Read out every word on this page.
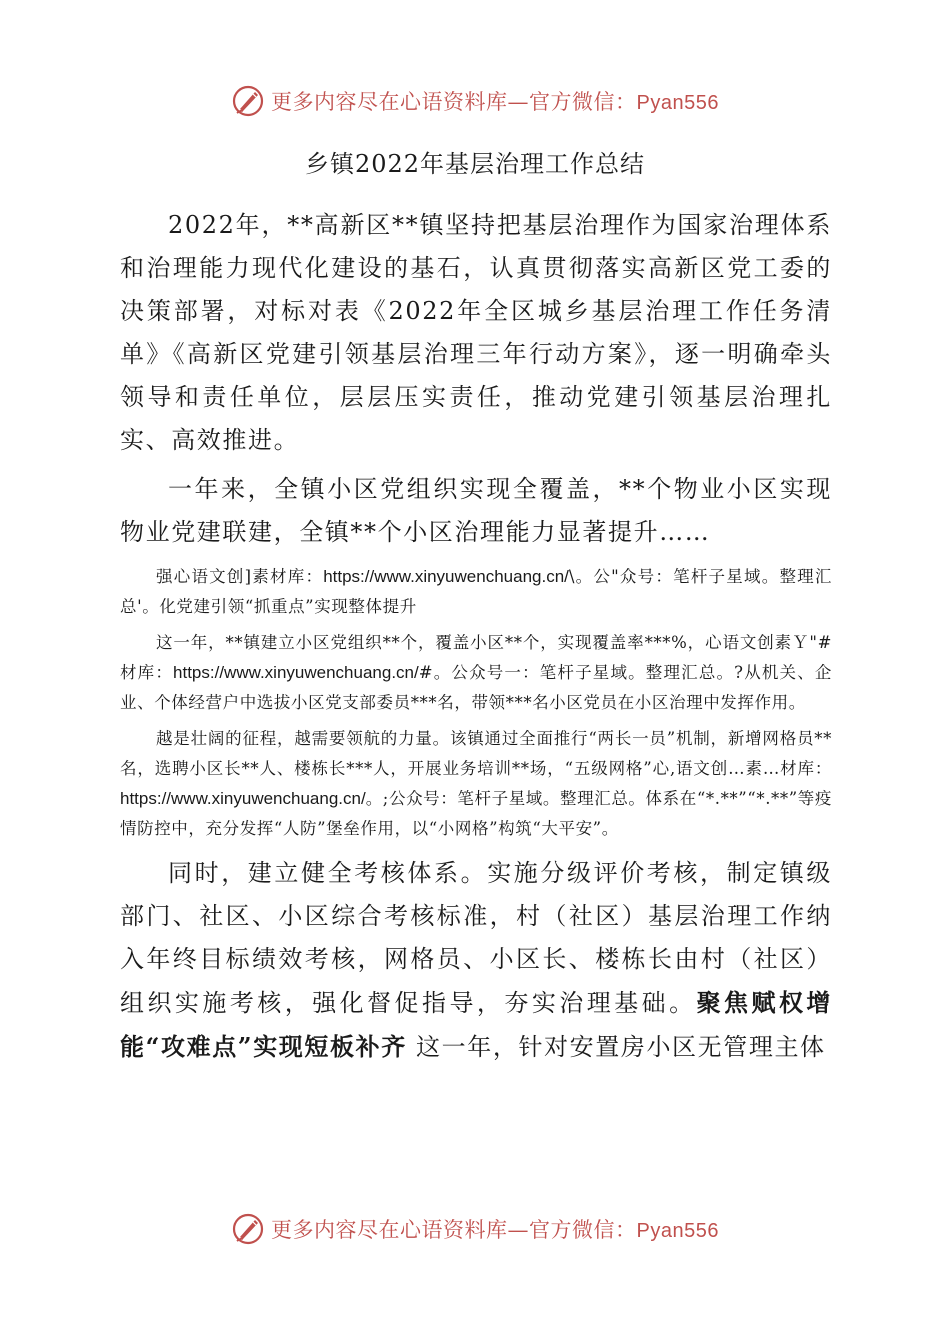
更多内容尽在心语资料库—官方微信：Pyan556
乡镇2022年基层治理工作总结

2022年，**高新区**镇坚持把基层治理作为国家治理体系和治理能力现代化建设的基石，认真贯彻落实高新区党工委的决策部署，对标对表《2022年全区城乡基层治理工作任务清单》《高新区党建引领基层治理三年行动方案》，逐一明确牵头领导和责任单位，层层压实责任，推动党建引领基层治理扎实、高效推进。

一年来，全镇小区党组织实现全覆盖，**个物业小区实现物业党建联建，全镇**个小区治理能力显著提升……

强心语文创]素材库：https://www.xinyuwenchuang.cn/\。公"众号：笔杆子星域。整理汇总'。化党建引领“抓重点”实现整体提升

这一年，**镇建立小区党组织**个，覆盖小区**个，实现覆盖率***%，心语文创素Ｙ"#材库：https://www.xinyuwenchuang.cn/#。公众号一：笔杆子星域。整理汇总。?从机关、企业、个体经营户中选拔小区党支部委员***名，带领***名小区党员在小区治理中发挥作用。

越是壮阔的征程，越需要领航的力量。该镇通过全面推行“两长一员”机制，新增网格员**名，选聘小区长**人、楼栋长***人，开展业务培训**场，“五级网格”心,语文创…素…材库：https://www.xinyuwenchuang.cn/。;公众号：笔杆子星域。整理汇总。体系在“*.**”“*.**”等疫情防控中，充分发挥“人防”堡垒作用，以“小网格”构筑“大平安”。

同时，建立健全考核体系。实施分级评价考核，制定镇级部门、社区、小区综合考核标准，村（社区）基层治理工作纳入年终目标绩效考核，网格员、小区长、楼栋长由村（社区）组织实施考核，强化督促指导，夯实治理基础。聚焦赋权增能“攻难点”实现短板补齐 这一年，针对安置房小区无管理主体

更多内容尽在心语资料库—官方微信：Pyan556
